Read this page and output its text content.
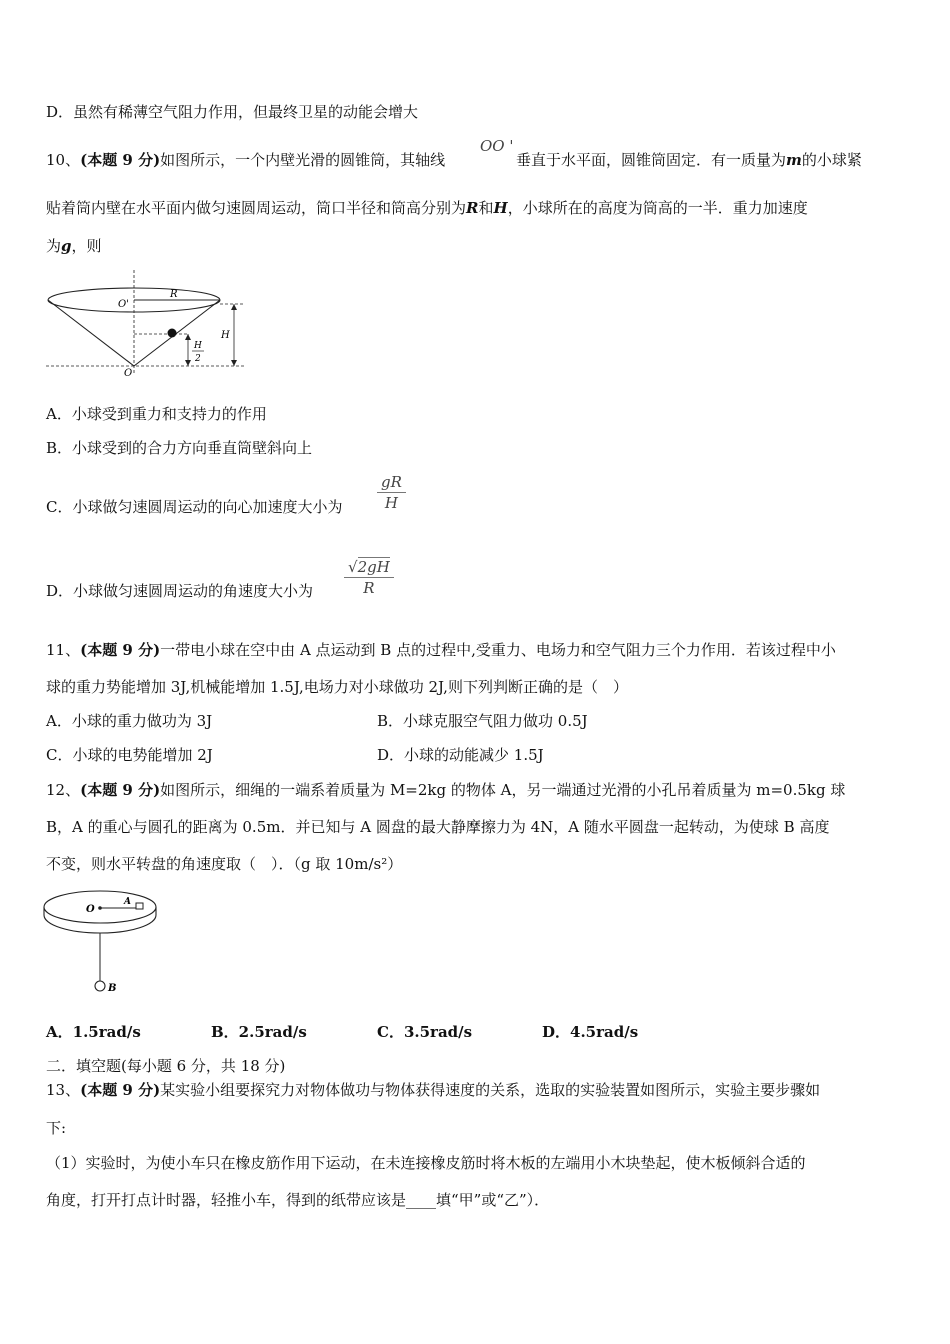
D．虽然有稀薄空气阻力作用，但最终卫星的动能会增大
10、(本题 9 分)如图所示，一个内壁光滑的圆锥筒，其轴线
OO '
垂直于水平面，圆锥筒固定．有一质量为m的小球紧
贴着筒内壁在水平面内做匀速圆周运动，筒口半径和筒高分别为R和H，小球所在的高度为筒高的一半．重力加速度
为g，则
O'
R
H
H
2
O
A．小球受到重力和支持力的作用
B．小球受到的合力方向垂直筒壁斜向上
C．小球做匀速圆周运动的向心加速度大小为 $\frac{gR}{H}$
D．小球做匀速圆周运动的角速度大小为 $\frac{√2gH}{R}$
11、(本题 9 分)一带电小球在空中由 A 点运动到 B 点的过程中,受重力、电场力和空气阻力三个力作用．若该过程中小
球的重力势能增加 3J,机械能增加 1.5J,电场力对小球做功 2J,则下列判断正确的是（　）
A．小球的重力做功为 3J	B．小球克服空气阻力做功 0.5J
C．小球的电势能增加 2J	D．小球的动能减少 1.5J
12、(本题 9 分)如图所示，细绳的一端系着质量为 M=2kg 的物体 A，另一端通过光滑的小孔吊着质量为 m=0.5kg 球
B，A 的重心与圆孔的距离为 0.5m．并已知与 A 圆盘的最大静摩擦力为 4N，A 随水平圆盘一起转动，为使球 B 高度
不变，则水平转盘的角速度取（　）．（g 取 10m/s²）
O
A
B
A．1.5rad/s	B．2.5rad/s	C．3.5rad/s	D．4.5rad/s
二．填空题(每小题 6 分，共 18 分)
13、(本题 9 分)某实验小组要探究力对物体做功与物体获得速度的关系，选取的实验装置如图所示，实验主要步骤如
下:
（1）实验时，为使小车只在橡皮筋作用下运动，在未连接橡皮筋时将木板的左端用小木块垫起，使木板倾斜合适的
角度，打开打点计时器，轻推小车，得到的纸带应该是____填“甲”或“乙”）．
